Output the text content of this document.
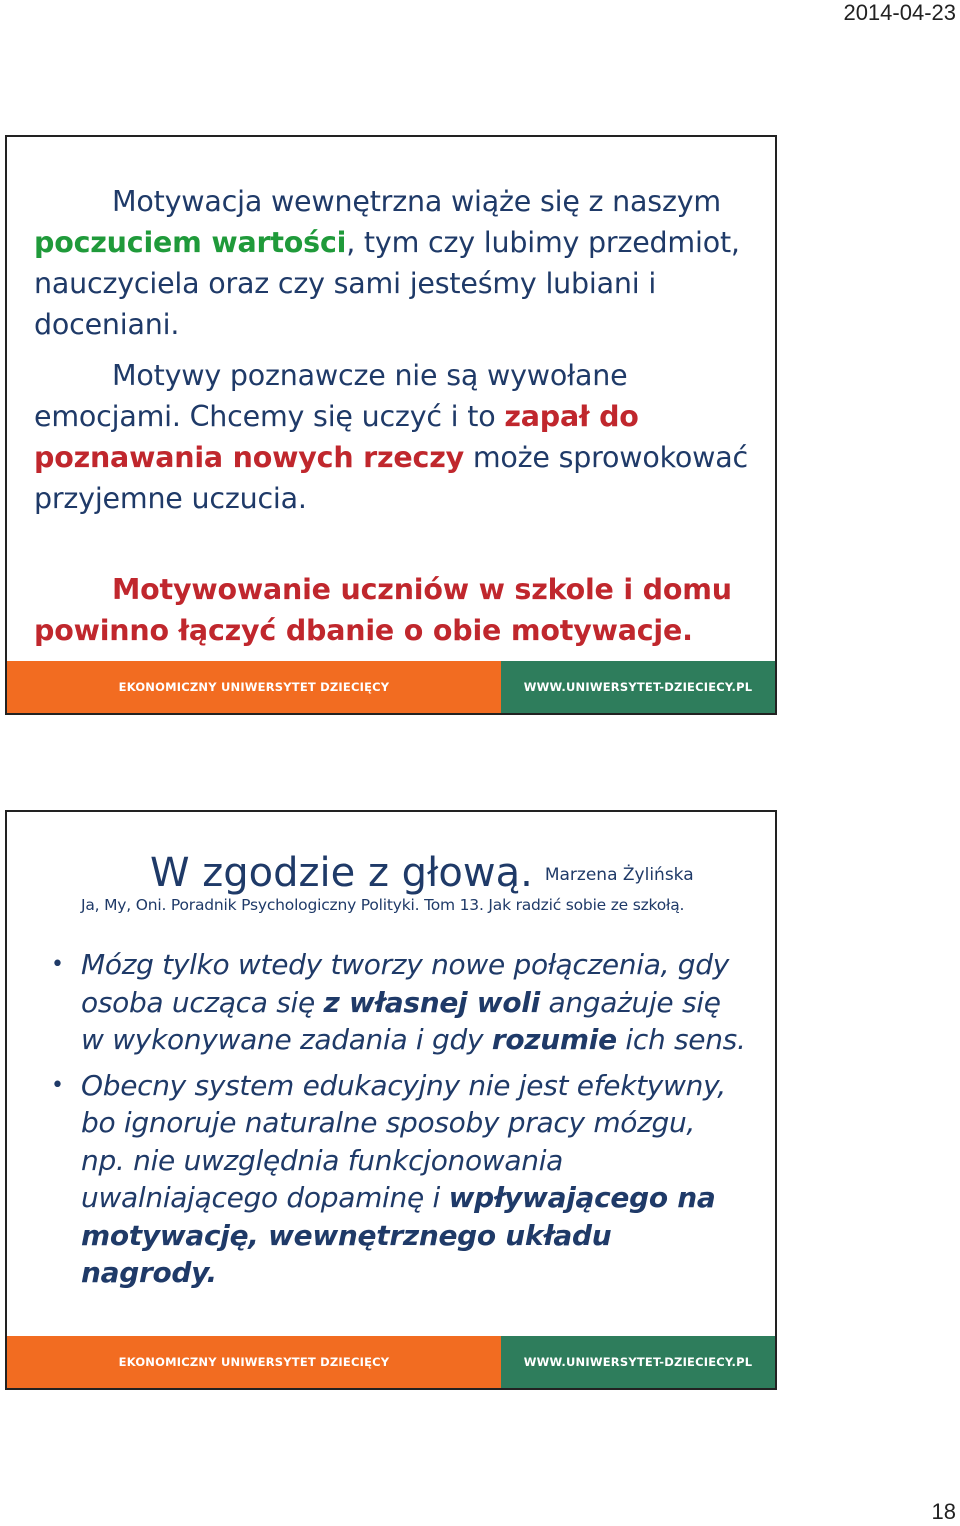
2014-04-23
Motywacja wewnętrzna wiąże się z naszym poczuciem wartości, tym czy lubimy przedmiot, nauczyciela oraz czy sami jesteśmy lubiani i doceniani.
Motywy poznawcze nie są wywołane emocjami. Chcemy się uczyć i to zapał do poznawania nowych rzeczy może sprowokować przyjemne uczucia.
Motywowanie uczniów w szkole i domu powinno łączyć dbanie o obie motywacje.
EKONOMICZNY UNIWERSYTET DZIECIĘCY	WWW.UNIWERSYTET-DZIECIECY.PL
W zgodzie z głową. Marzena Żylińska
Ja, My, Oni. Poradnik Psychologiczny Polityki. Tom 13. Jak radzić sobie ze szkołą.
• Mózg tylko wtedy tworzy nowe połączenia, gdy osoba ucząca się z własnej woli angażuje się w wykonywane zadania i gdy rozumie ich sens.
• Obecny system edukacyjny nie jest efektywny, bo ignoruje naturalne sposoby pracy mózgu, np. nie uwzględnia funkcjonowania uwalniającego dopaminę i wpływającego na motywację, wewnętrznego układu nagrody.
EKONOMICZNY UNIWERSYTET DZIECIĘCY	WWW.UNIWERSYTET-DZIECIECY.PL
18
